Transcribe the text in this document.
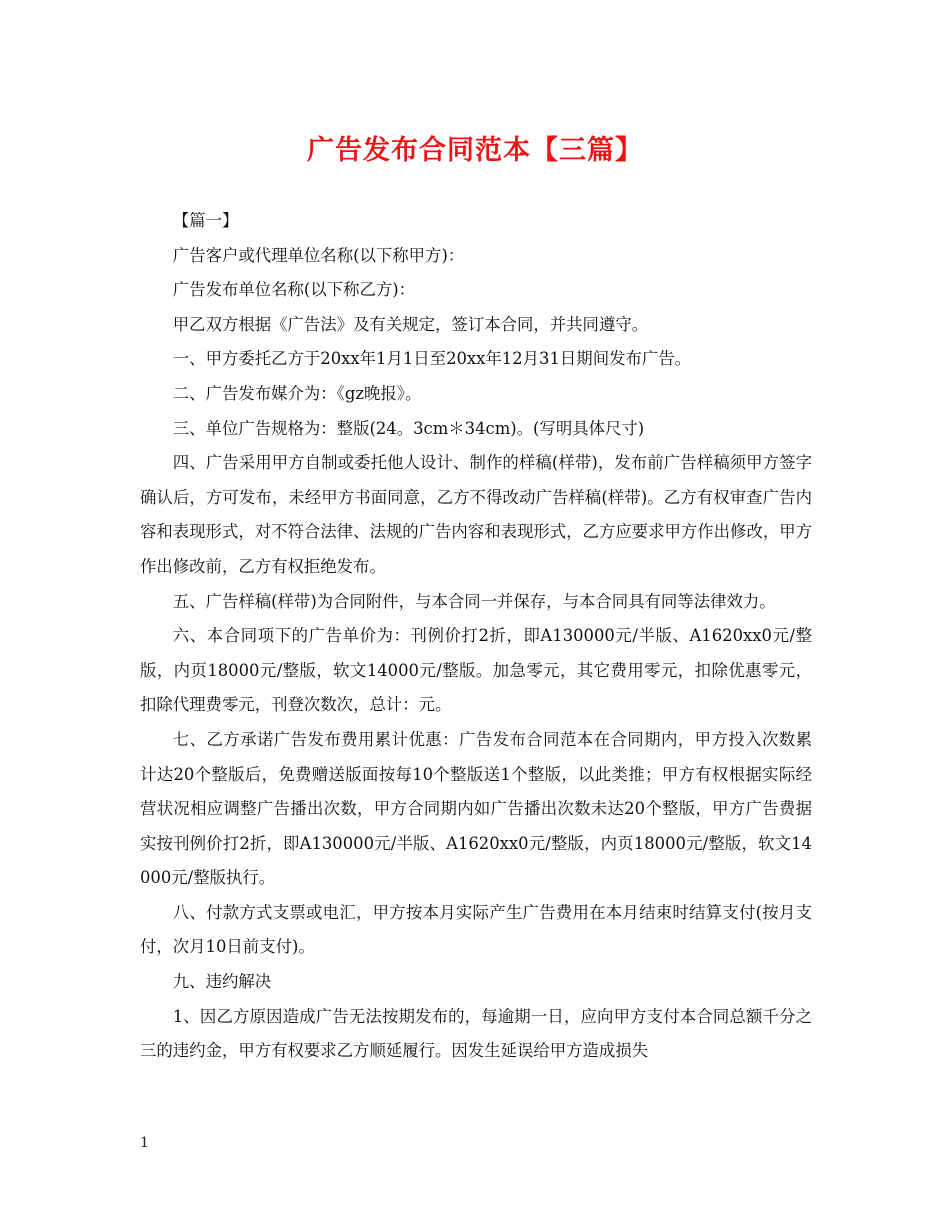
广告发布合同范本【三篇】

【篇一】

广告客户或代理单位名称(以下称甲方)：

广告发布单位名称(以下称乙方)：

甲乙双方根据《广告法》及有关规定，签订本合同，并共同遵守。

一、甲方委托乙方于20xx年1月1日至20xx年12月31日期间发布广告。

二、广告发布媒介为：《gz晚报》。

三、单位广告规格为：整版(24。3cm＊34cm)。(写明具体尺寸)

四、广告采用甲方自制或委托他人设计、制作的样稿(样带)，发布前广告样稿须甲方签字确认后，方可发布，未经甲方书面同意，乙方不得改动广告样稿(样带)。乙方有权审查广告内容和表现形式，对不符合法律、法规的广告内容和表现形式，乙方应要求甲方作出修改，甲方作出修改前，乙方有权拒绝发布。

五、广告样稿(样带)为合同附件，与本合同一并保存，与本合同具有同等法律效力。

六、本合同项下的广告单价为：刊例价打2折，即A130000元/半版、A1620xx0元/整版，内页18000元/整版，软文14000元/整版。加急零元，其它费用零元，扣除优惠零元，扣除代理费零元，刊登次数次，总计：元。

七、乙方承诺广告发布费用累计优惠：广告发布合同范本在合同期内，甲方投入次数累计达20个整版后，免费赠送版面按每10个整版送1个整版，以此类推；甲方有权根据实际经营状况相应调整广告播出次数，甲方合同期内如广告播出次数未达20个整版，甲方广告费据实按刊例价打2折，即A130000元/半版、A1620xx0元/整版，内页18000元/整版，软文14000元/整版执行。

八、付款方式支票或电汇，甲方按本月实际产生广告费用在本月结束时结算支付(按月支付，次月10日前支付)。

九、违约解决

1、因乙方原因造成广告无法按期发布的，每逾期一日，应向甲方支付本合同总额千分之三的违约金，甲方有权要求乙方顺延履行。因发生延误给甲方造成损失

1
